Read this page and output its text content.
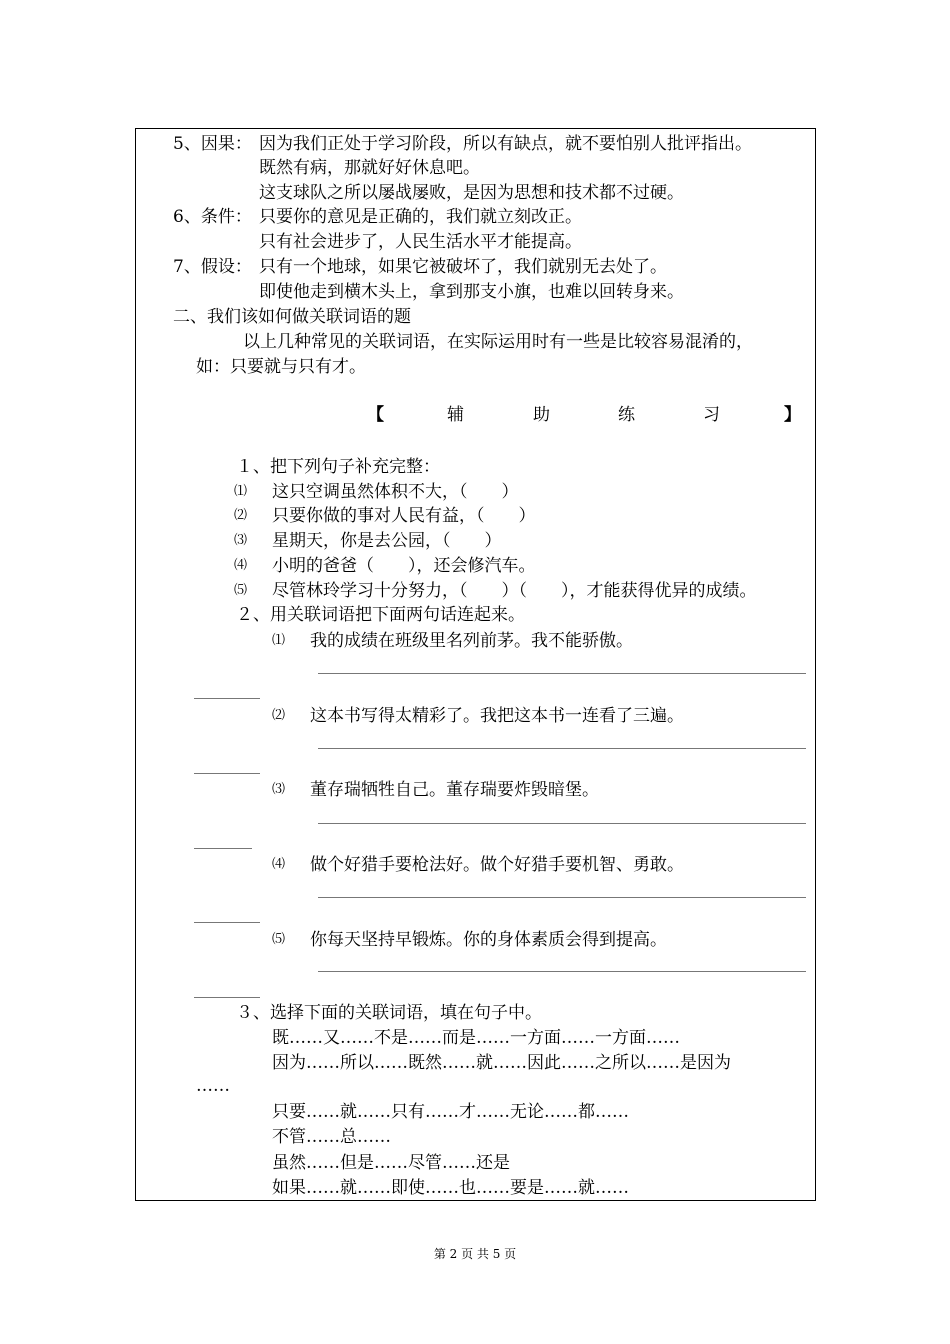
5、因果： 因为我们正处于学习阶段，所以有缺点，就不要怕别人批评指出。
既然有病，那就好好休息吧。
这支球队之所以屡战屡败，是因为思想和技术都不过硬。
6、条件： 只要你的意见是正确的，我们就立刻改正。
只有社会进步了，人民生活水平才能提高。
7、假设： 只有一个地球，如果它被破坏了，我们就别无去处了。
即使他走到横木头上，拿到那支小旗，也难以回转身来。
二、我们该如何做关联词语的题
以上几种常见的关联词语，在实际运用时有一些是比较容易混淆的，
如：只要就与只有才。
【	辅	助	练	习	】
１、把下列句子补充完整：
⑴ 这只空调虽然体积不大，（　　）
⑵ 只要你做的事对人民有益，（　　）
⑶ 星期天，你是去公园，（　　）
⑷ 小明的爸爸（　　），还会修汽车。
⑸ 尽管林玲学习十分努力，（　　）（　　），才能获得优异的成绩。
２、用关联词语把下面两句话连起来。
⑴ 我的成绩在班级里名列前茅。我不能骄傲。
⑵ 这本书写得太精彩了。我把这本书一连看了三遍。
⑶ 董存瑞牺牲自己。董存瑞要炸毁暗堡。
⑷ 做个好猎手要枪法好。做个好猎手要机智、勇敢。
⑸ 你每天坚持早锻炼。你的身体素质会得到提高。
３、选择下面的关联词语，填在句子中。
既……又……不是……而是……一方面……一方面……
因为……所以……既然……就……因此……之所以……是因为
……
只要……就……只有……才……无论……都……
不管……总……
虽然……但是……尽管……还是
如果……就……即使……也……要是……就……
第 2 页 共 5 页
